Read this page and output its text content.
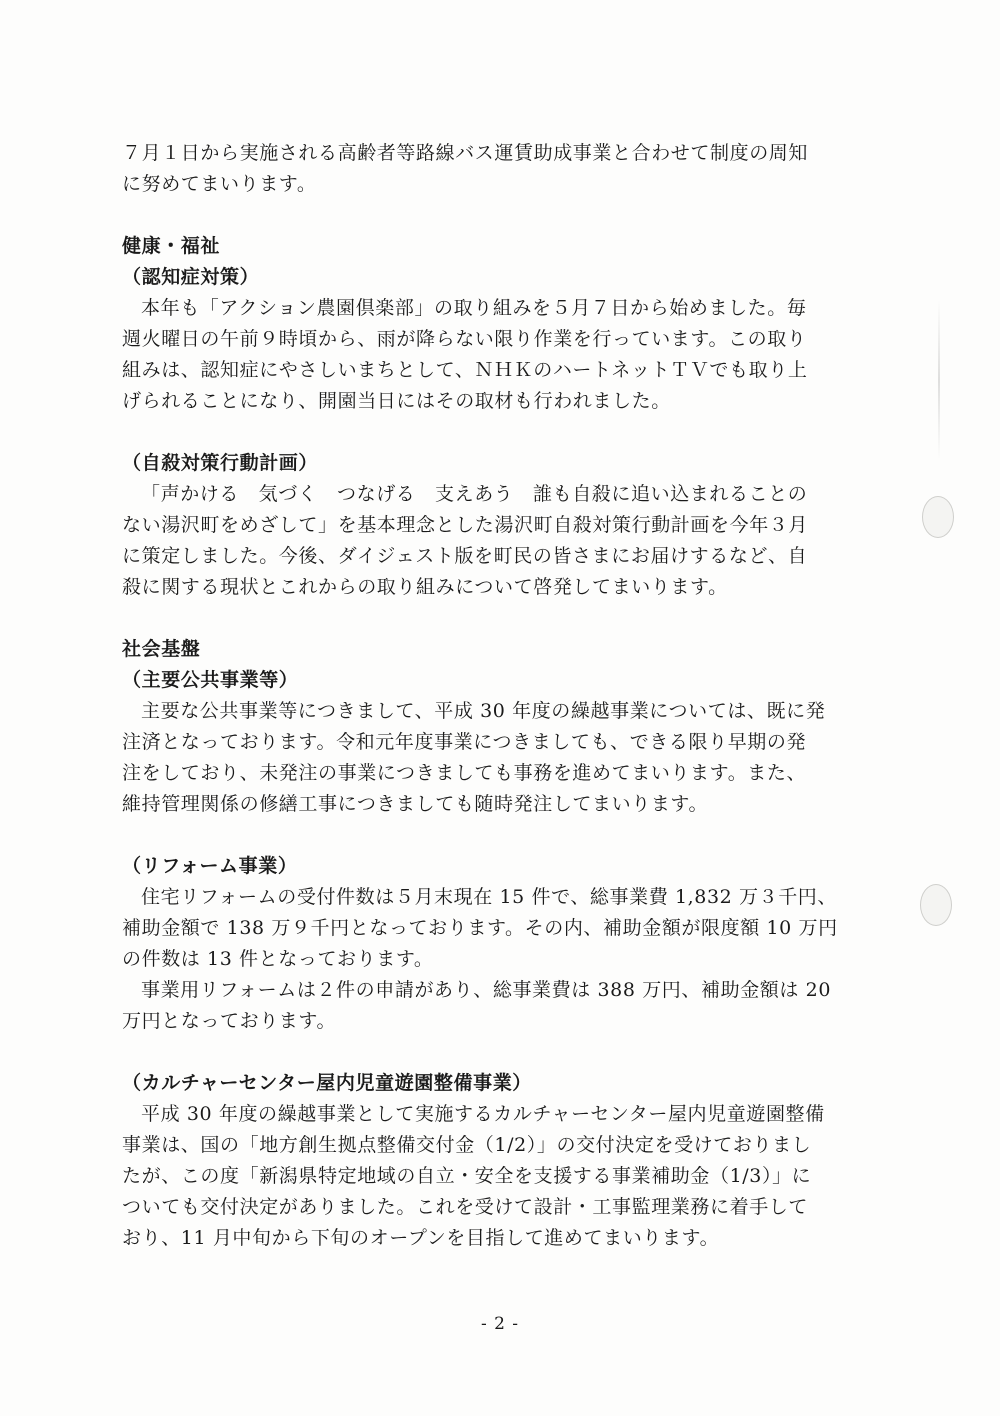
７月１日から実施される高齢者等路線バス運賃助成事業と合わせて制度の周知

に努めてまいります。

健康・福祉

（認知症対策）

本年も「アクション農園倶楽部」の取り組みを５月７日から始めました。毎

週火曜日の午前９時頃から、雨が降らない限り作業を行っています。この取り

組みは、認知症にやさしいまちとして、ＮＨＫのハートネットＴＶでも取り上

げられることになり、開園当日にはその取材も行われました。

（自殺対策行動計画）

「声かける　気づく　つなげる　支えあう　誰も自殺に追い込まれることの

ない湯沢町をめざして」を基本理念とした湯沢町自殺対策行動計画を今年３月

に策定しました。今後、ダイジェスト版を町民の皆さまにお届けするなど、自

殺に関する現状とこれからの取り組みについて啓発してまいります。

社会基盤

（主要公共事業等）

主要な公共事業等につきまして、平成 30 年度の繰越事業については、既に発

注済となっております。令和元年度事業につきましても、できる限り早期の発

注をしており、未発注の事業につきましても事務を進めてまいります。また、

維持管理関係の修繕工事につきましても随時発注してまいります。

（リフォーム事業）

住宅リフォームの受付件数は５月末現在 15 件で、総事業費 1,832 万３千円、

補助金額で 138 万９千円となっております。その内、補助金額が限度額 10 万円

の件数は 13 件となっております。

事業用リフォームは２件の申請があり、総事業費は 388 万円、補助金額は 20

万円となっております。

（カルチャーセンター屋内児童遊園整備事業）

平成 30 年度の繰越事業として実施するカルチャーセンター屋内児童遊園整備

事業は、国の「地方創生拠点整備交付金（1/2）」の交付決定を受けておりまし

たが、この度「新潟県特定地域の自立・安全を支援する事業補助金（1/3）」に

ついても交付決定がありました。これを受けて設計・工事監理業務に着手して

おり、11 月中旬から下旬のオープンを目指して進めてまいります。

- 2 -
